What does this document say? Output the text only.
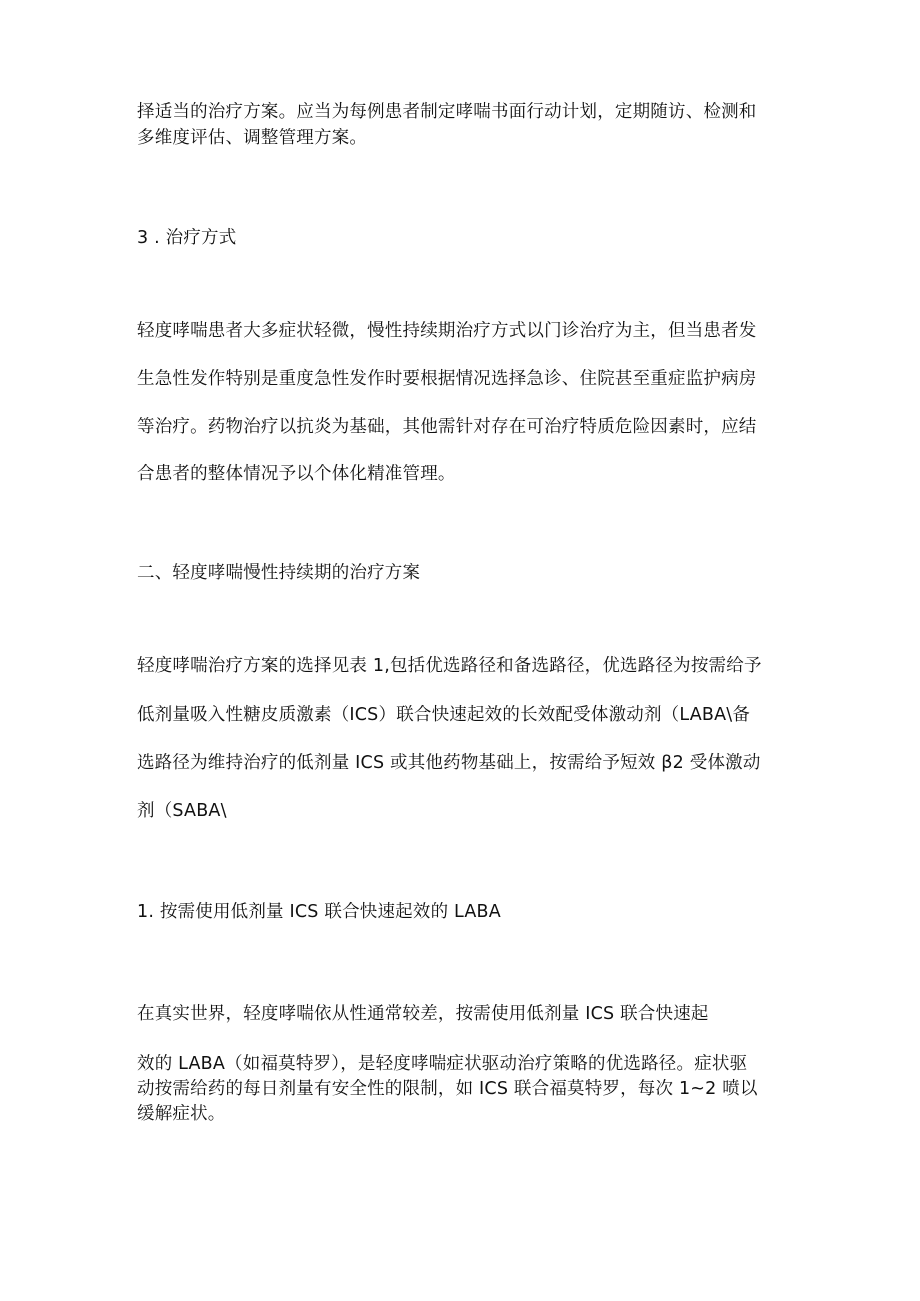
择适当的治疗方案。应当为每例患者制定哮喘书面行动计划，定期随访、检测和
多维度评估、调整管理方案。
3 . 治疗方式
轻度哮喘患者大多症状轻微，慢性持续期治疗方式以门诊治疗为主，但当患者发
生急性发作特别是重度急性发作时要根据情况选择急诊、住院甚至重症监护病房
等治疗。药物治疗以抗炎为基础，其他需针对存在可治疗特质危险因素时，应结
合患者的整体情况予以个体化精准管理。
二、轻度哮喘慢性持续期的治疗方案
轻度哮喘治疗方案的选择见表 1,包括优选路径和备选路径，优选路径为按需给予
低剂量吸入性糖皮质激素（ICS）联合快速起效的长效配受体激动剂（LABA\备
选路径为维持治疗的低剂量 ICS 或其他药物基础上，按需给予短效 β2 受体激动
剂（SABA\
1. 按需使用低剂量 ICS 联合快速起效的 LABA
在真实世界，轻度哮喘依从性通常较差，按需使用低剂量 ICS 联合快速起
效的 LABA（如福莫特罗），是轻度哮喘症状驱动治疗策略的优选路径。症状驱
动按需给药的每日剂量有安全性的限制，如 ICS 联合福莫特罗，每次 1~2 喷以
缓解症状。
